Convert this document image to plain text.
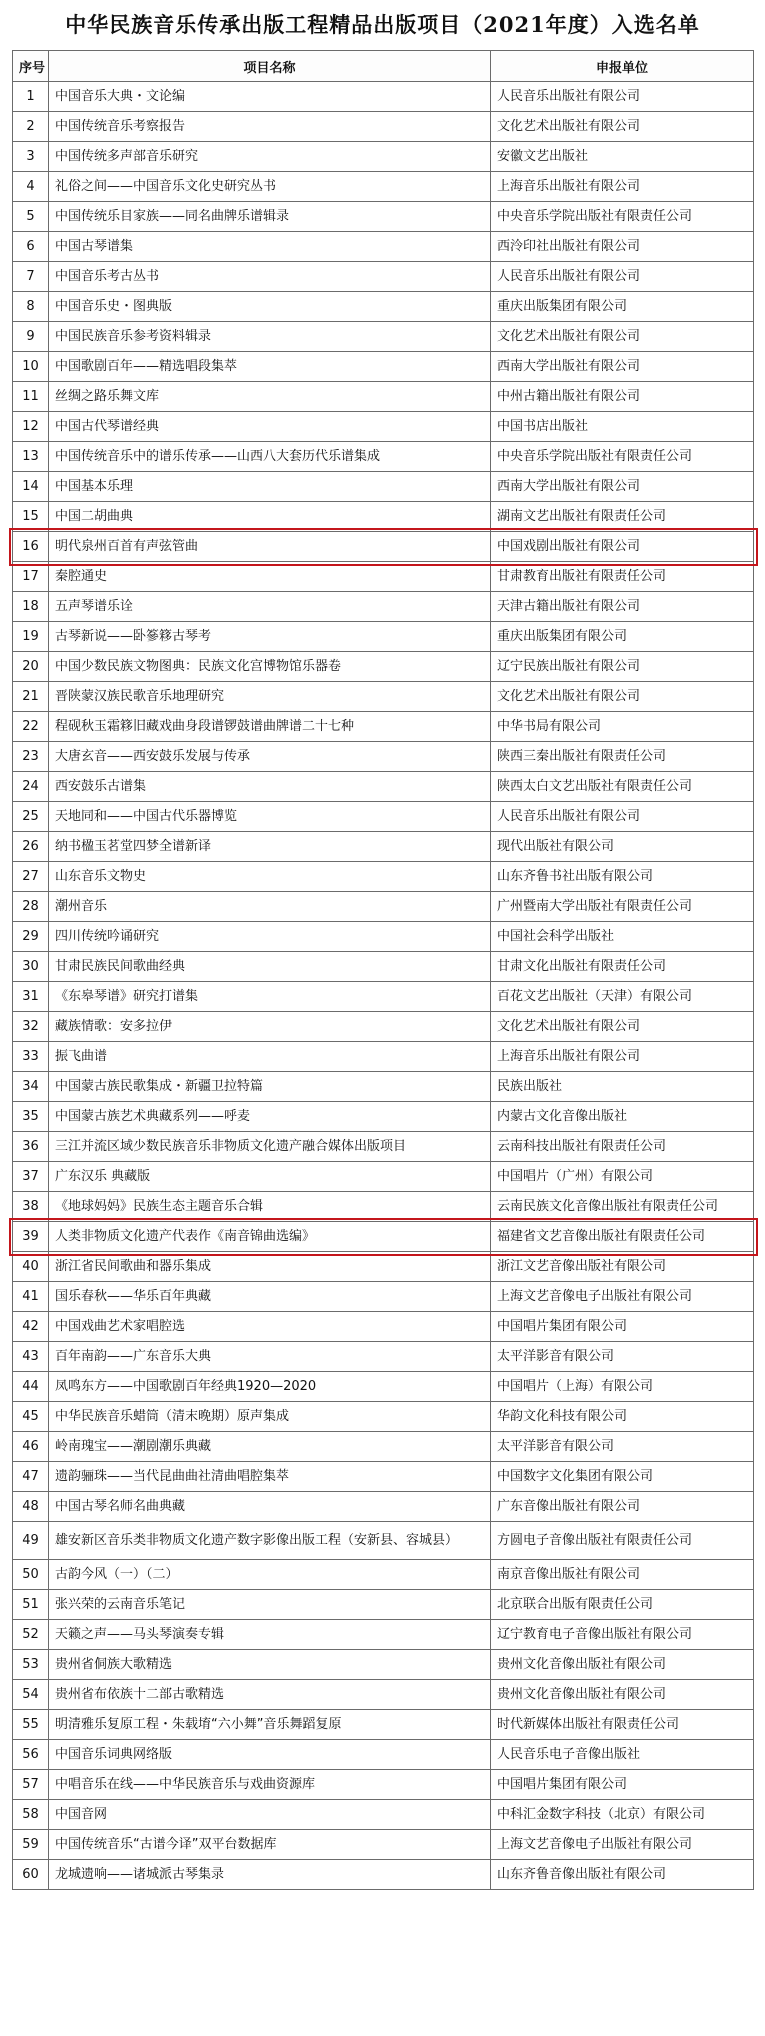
中华民族音乐传承出版工程精品出版项目（2021年度）入选名单
序号	项目名称	申报单位
1	中国音乐大典・文论编	人民音乐出版社有限公司
2	中国传统音乐考察报告	文化艺术出版社有限公司
3	中国传统多声部音乐研究	安徽文艺出版社
4	礼俗之间——中国音乐文化史研究丛书	上海音乐出版社有限公司
5	中国传统乐目家族——同名曲牌乐谱辑录	中央音乐学院出版社有限责任公司
6	中国古琴谱集	西泠印社出版社有限公司
7	中国音乐考古丛书	人民音乐出版社有限公司
8	中国音乐史・图典版	重庆出版集团有限公司
9	中国民族音乐参考资料辑录	文化艺术出版社有限公司
10	中国歌剧百年——精选唱段集萃	西南大学出版社有限公司
11	丝绸之路乐舞文库	中州古籍出版社有限公司
12	中国古代琴谱经典	中国书店出版社
13	中国传统音乐中的谱乐传承——山西八大套历代乐谱集成	中央音乐学院出版社有限责任公司
14	中国基本乐理	西南大学出版社有限公司
15	中国二胡曲典	湖南文艺出版社有限责任公司
16	明代泉州百首有声弦管曲	中国戏剧出版社有限公司
17	秦腔通史	甘肃教育出版社有限责任公司
18	五声琴谱乐诠	天津古籍出版社有限公司
19	古琴新说——卧篸簃古琴考	重庆出版集团有限公司
20	中国少数民族文物图典：民族文化宫博物馆乐器卷	辽宁民族出版社有限公司
21	晋陕蒙汉族民歌音乐地理研究	文化艺术出版社有限公司
22	程砚秋玉霜簃旧藏戏曲身段谱锣鼓谱曲牌谱二十七种	中华书局有限公司
23	大唐玄音——西安鼓乐发展与传承	陕西三秦出版社有限责任公司
24	西安鼓乐古谱集	陕西太白文艺出版社有限责任公司
25	天地同和——中国古代乐器博览	人民音乐出版社有限公司
26	纳书楹玉茗堂四梦全谱新译	现代出版社有限公司
27	山东音乐文物史	山东齐鲁书社出版有限公司
28	潮州音乐	广州暨南大学出版社有限责任公司
29	四川传统吟诵研究	中国社会科学出版社
30	甘肃民族民间歌曲经典	甘肃文化出版社有限责任公司
31	《东皋琴谱》研究打谱集	百花文艺出版社（天津）有限公司
32	藏族情歌：安多拉伊	文化艺术出版社有限公司
33	振飞曲谱	上海音乐出版社有限公司
34	中国蒙古族民歌集成・新疆卫拉特篇	民族出版社
35	中国蒙古族艺术典藏系列——呼麦	内蒙古文化音像出版社
36	三江并流区域少数民族音乐非物质文化遗产融合媒体出版项目	云南科技出版社有限责任公司
37	广东汉乐 典藏版	中国唱片（广州）有限公司
38	《地球妈妈》民族生态主题音乐合辑	云南民族文化音像出版社有限责任公司
39	人类非物质文化遗产代表作《南音锦曲选编》	福建省文艺音像出版社有限责任公司
40	浙江省民间歌曲和器乐集成	浙江文艺音像出版社有限公司
41	国乐春秋——华乐百年典藏	上海文艺音像电子出版社有限公司
42	中国戏曲艺术家唱腔选	中国唱片集团有限公司
43	百年南韵——广东音乐大典	太平洋影音有限公司
44	凤鸣东方——中国歌剧百年经典1920—2020	中国唱片（上海）有限公司
45	中华民族音乐蜡筒（清末晚期）原声集成	华韵文化科技有限公司
46	岭南瑰宝——潮剧潮乐典藏	太平洋影音有限公司
47	遗韵骊珠——当代昆曲曲社清曲唱腔集萃	中国数字文化集团有限公司
48	中国古琴名师名曲典藏	广东音像出版社有限公司
49	雄安新区音乐类非物质文化遗产数字影像出版工程（安新县、容城县）	方圆电子音像出版社有限责任公司
50	古韵今风（一）（二）	南京音像出版社有限公司
51	张兴荣的云南音乐笔记	北京联合出版有限责任公司
52	天籁之声——马头琴演奏专辑	辽宁教育电子音像出版社有限公司
53	贵州省侗族大歌精选	贵州文化音像出版社有限公司
54	贵州省布依族十二部古歌精选	贵州文化音像出版社有限公司
55	明清雅乐复原工程・朱载堉“六小舞”音乐舞蹈复原	时代新媒体出版社有限责任公司
56	中国音乐词典网络版	人民音乐电子音像出版社
57	中唱音乐在线——中华民族音乐与戏曲资源库	中国唱片集团有限公司
58	中国音网	中科汇金数字科技（北京）有限公司
59	中国传统音乐“古谱今译”双平台数据库	上海文艺音像电子出版社有限公司
60	龙城遗响——诸城派古琴集录	山东齐鲁音像出版社有限公司
